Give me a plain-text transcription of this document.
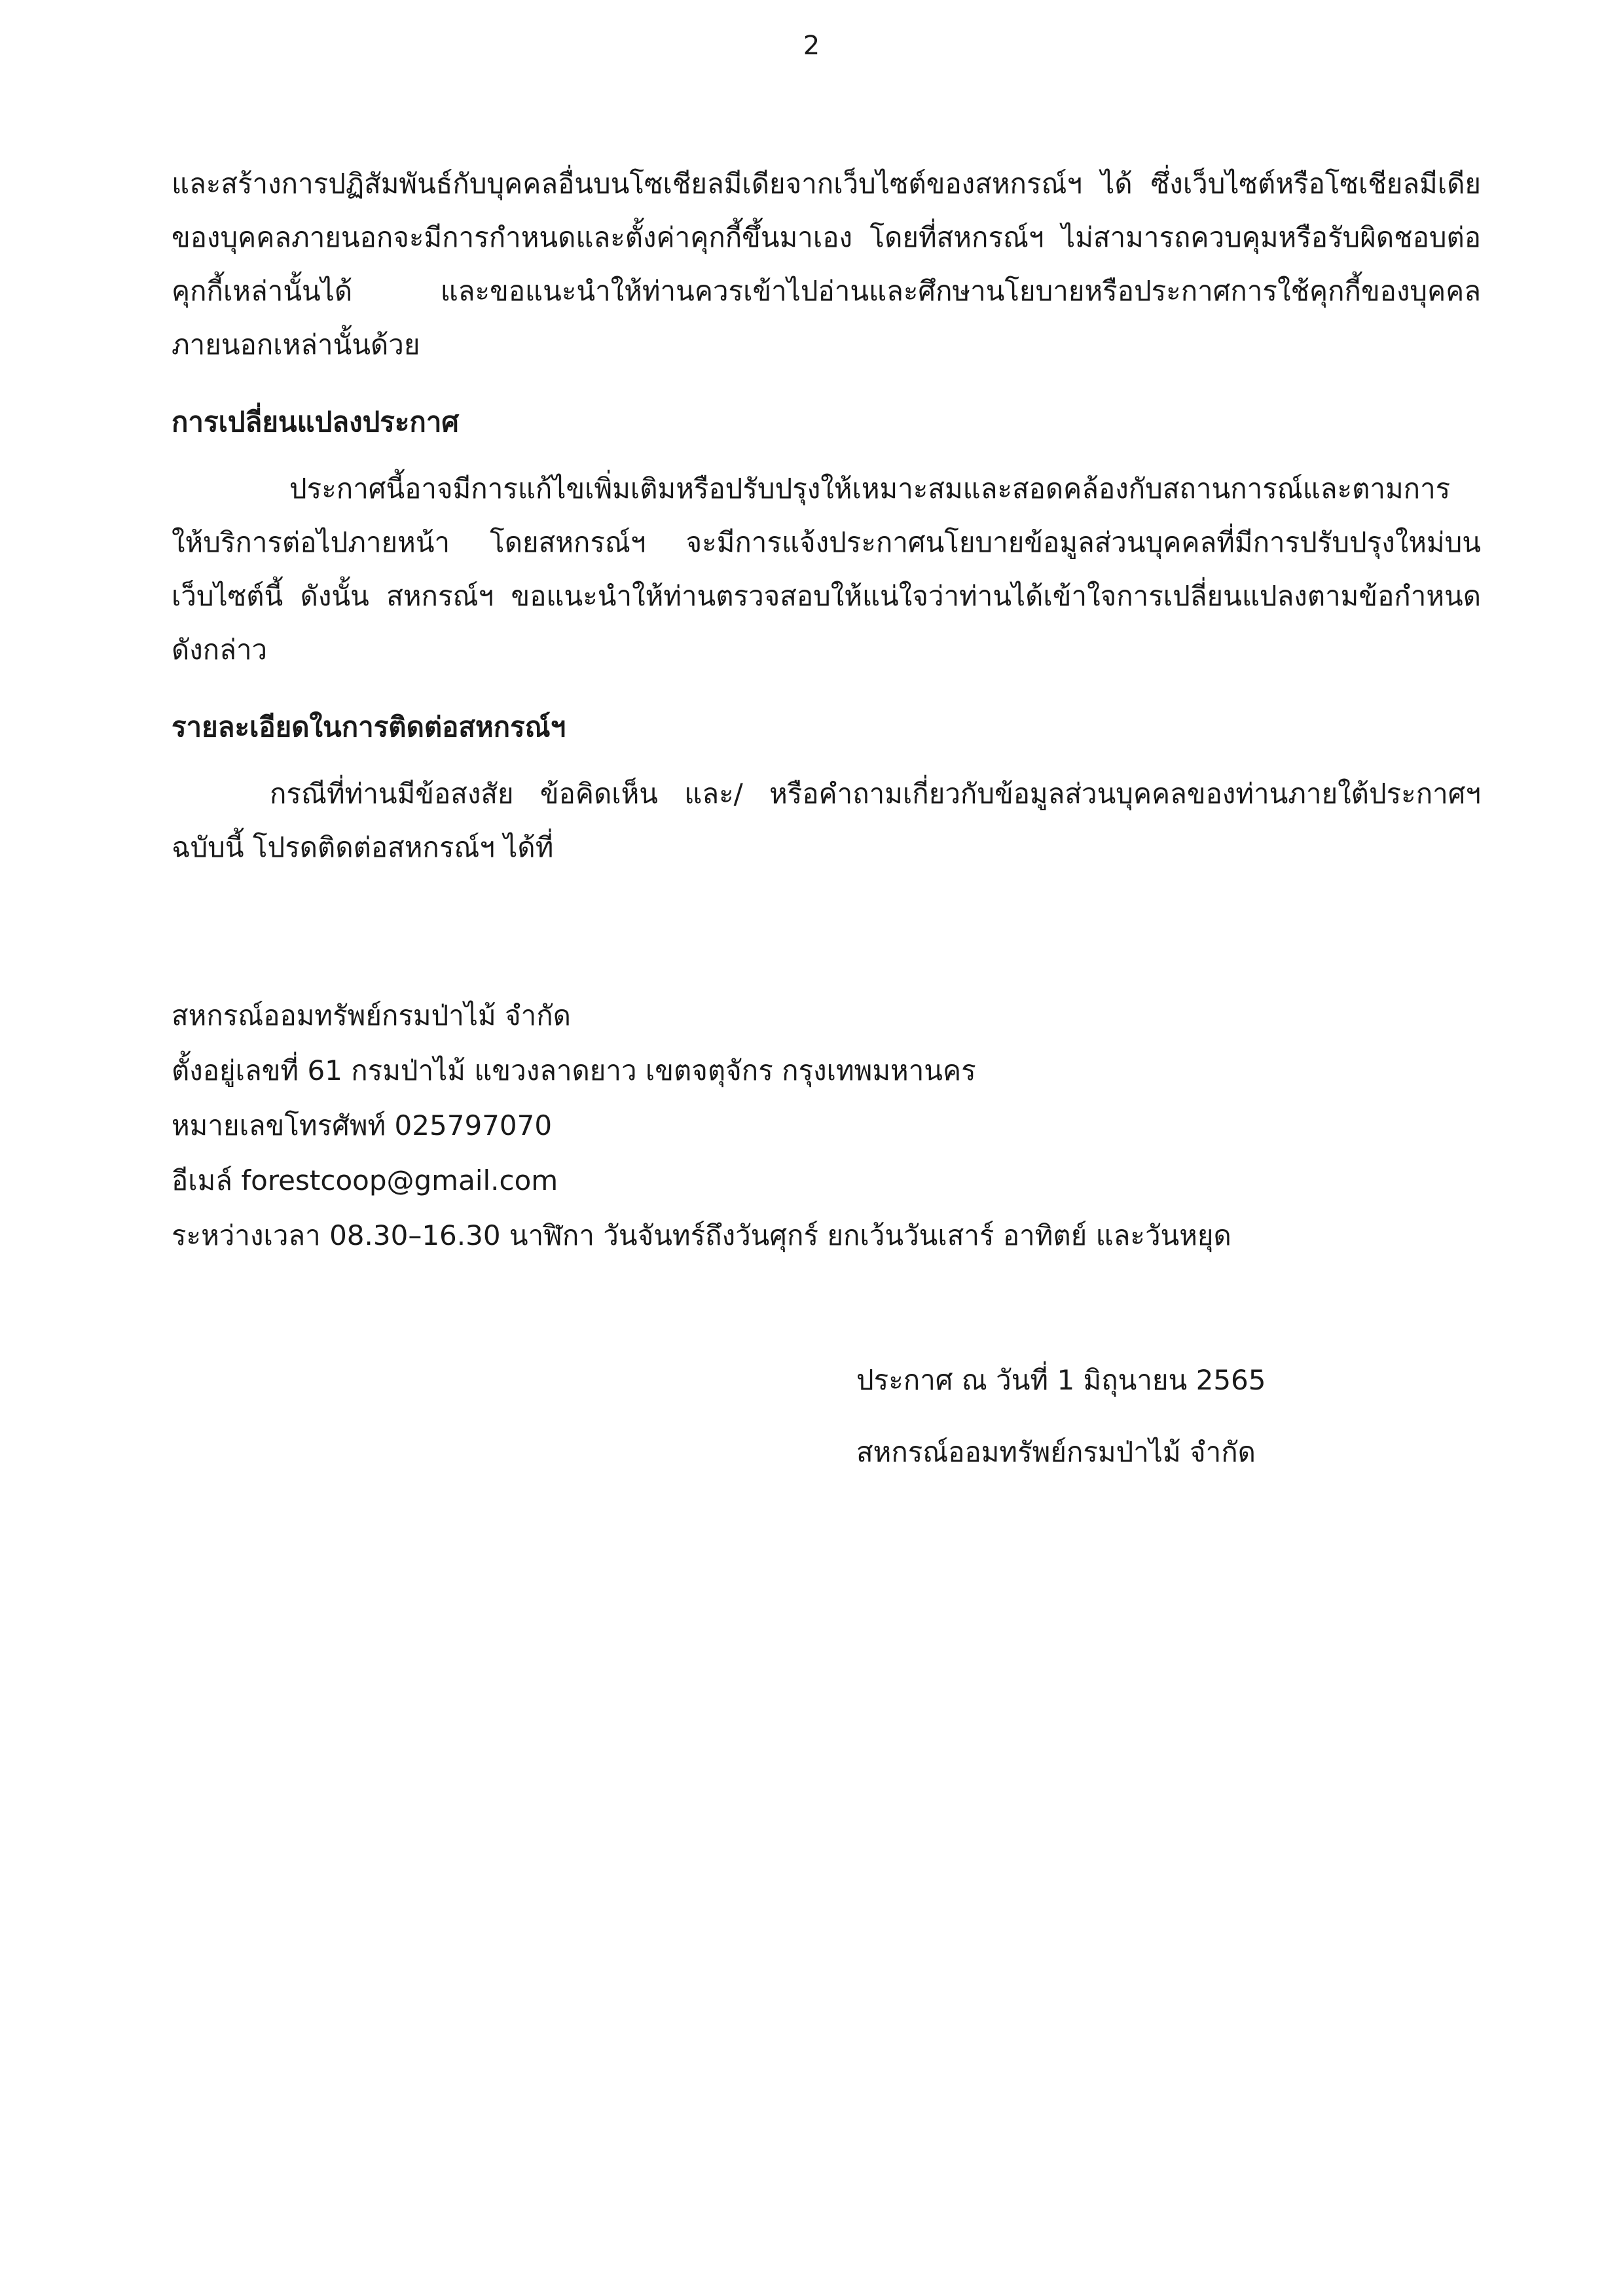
2

และสร้างการปฏิสัมพันธ์กับบุคคลอื่นบนโซเชียลมีเดียจากเว็บไซต์ของสหกรณ์ฯ ได้ ซึ่งเว็บไซต์หรือโซเชียลมีเดียของบุคคลภายนอกจะมีการกำหนดและตั้งค่าคุกกี้ขึ้นมาเอง โดยที่สหกรณ์ฯ ไม่สามารถควบคุมหรือรับผิดชอบต่อคุกกี้เหล่านั้นได้ และขอแนะนำให้ท่านควรเข้าไปอ่านและศึกษานโยบายหรือประกาศการใช้คุกกี้ของบุคคลภายนอกเหล่านั้นด้วย

การเปลี่ยนแปลงประกาศ

ประกาศนี้อาจมีการแก้ไขเพิ่มเติมหรือปรับปรุงให้เหมาะสมและสอดคล้องกับสถานการณ์และตามการให้บริการต่อไปภายหน้า โดยสหกรณ์ฯ จะมีการแจ้งประกาศนโยบายข้อมูลส่วนบุคคลที่มีการปรับปรุงใหม่บนเว็บไซต์นี้ ดังนั้น สหกรณ์ฯ ขอแนะนำให้ท่านตรวจสอบให้แน่ใจว่าท่านได้เข้าใจการเปลี่ยนแปลงตามข้อกำหนดดังกล่าว

รายละเอียดในการติดต่อสหกรณ์ฯ

กรณีที่ท่านมีข้อสงสัย ข้อคิดเห็น และ/ หรือคำถามเกี่ยวกับข้อมูลส่วนบุคคลของท่านภายใต้ประกาศฯ ฉบับนี้ โปรดติดต่อสหกรณ์ฯ ได้ที่

สหกรณ์ออมทรัพย์กรมป่าไม้ จำกัด

ตั้งอยู่เลขที่ 61 กรมป่าไม้ แขวงลาดยาว เขตจตุจักร กรุงเทพมหานคร

หมายเลขโทรศัพท์ 025797070

อีเมล์ forestcoop@gmail.com

ระหว่างเวลา 08.30–16.30 นาฬิกา วันจันทร์ถึงวันศุกร์ ยกเว้นวันเสาร์ อาทิตย์ และวันหยุด

ประกาศ ณ วันที่ 1 มิถุนายน 2565

สหกรณ์ออมทรัพย์กรมป่าไม้ จำกัด
